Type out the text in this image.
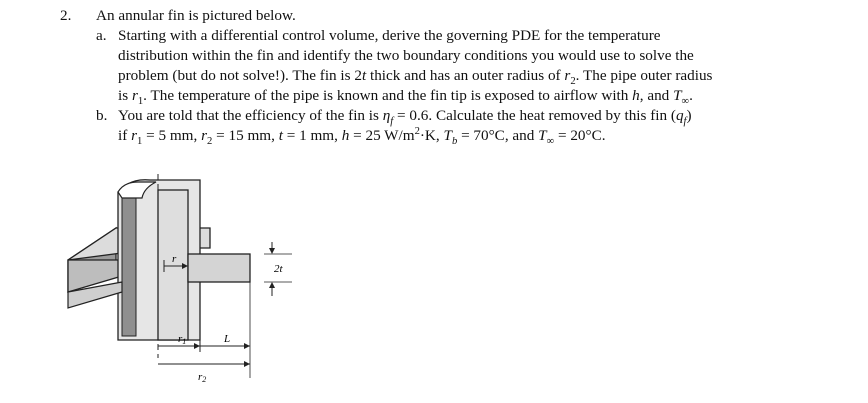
2.	An annular fin is pictured below.
a. Starting with a differential control volume, derive the governing PDE for the temperature
distribution within the fin and identify the two boundary conditions you would use to solve the
problem (but do not solve!). The fin is 2t thick and has an outer radius of $r_2$. The pipe outer radius
is $r_1$. The temperature of the pipe is known and the fin tip is exposed to airflow with h, and $T_\infty$.
b. You are told that the efficiency of the fin is $\eta_f = 0.6$. Calculate the heat removed by this fin $(q_f)$
if $r_1 = 5$ mm, $r_2 = 15$ mm, t = 1 mm, h = 25 $W/m^2\cdot K$, $T_b = 70^\circ C$, and $T_\infty = 20^\circ C$.
r
2t
r1	L
r2
